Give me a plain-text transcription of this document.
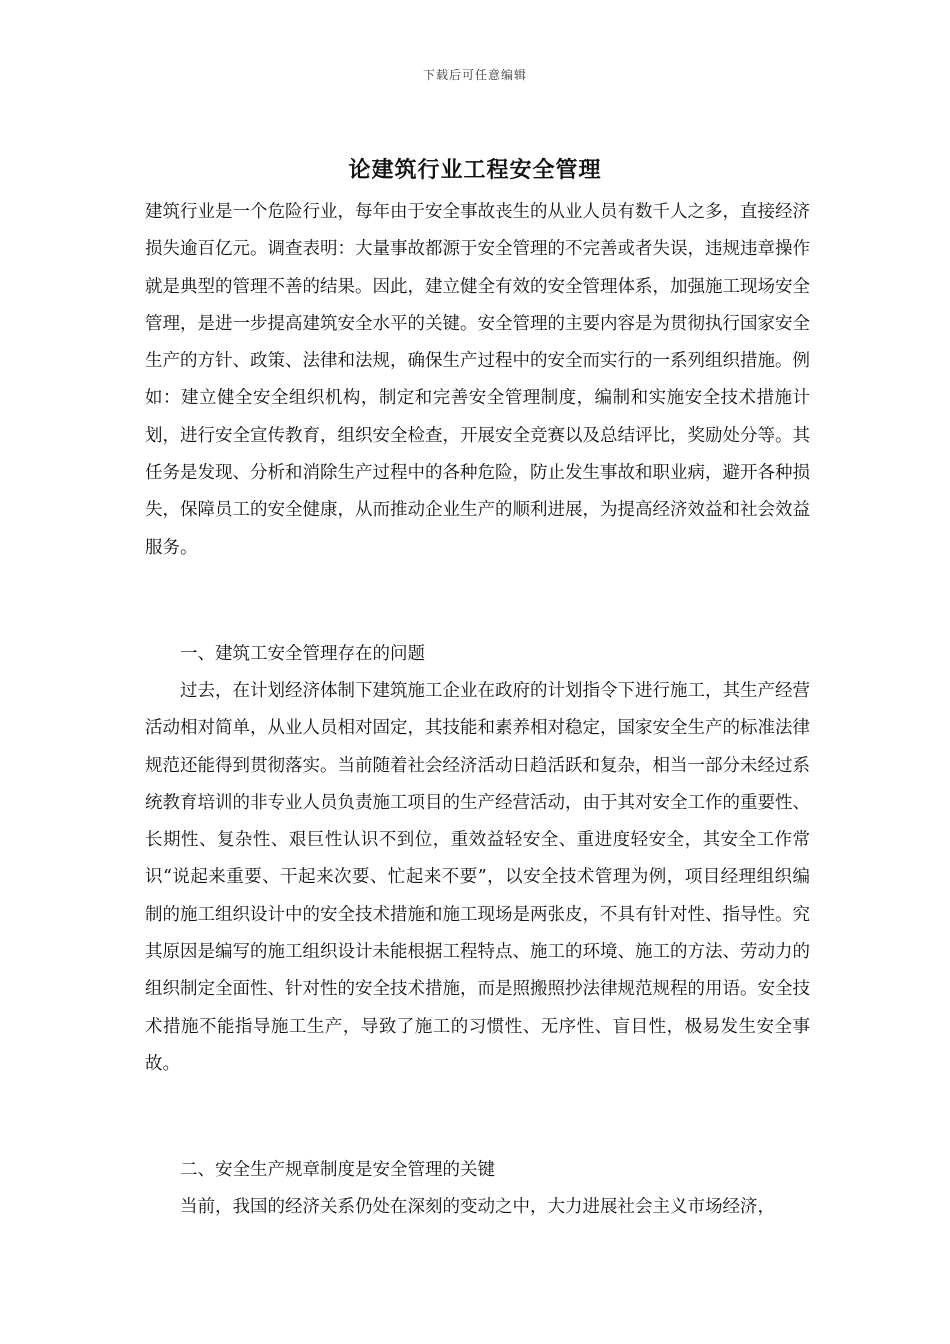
下载后可任意编辑
论建筑行业工程安全管理

建筑行业是一个危险行业，每年由于安全事故丧生的从业人员有数千人之多，直接经济损失逾百亿元。调查表明：大量事故都源于安全管理的不完善或者失误，违规违章操作就是典型的管理不善的结果。因此，建立健全有效的安全管理体系，加强施工现场安全管理，是进一步提高建筑安全水平的关键。安全管理的主要内容是为贯彻执行国家安全生产的方针、政策、法律和法规，确保生产过程中的安全而实行的一系列组织措施。例如：建立健全安全组织机构，制定和完善安全管理制度，编制和实施安全技术措施计划，进行安全宣传教育，组织安全检查，开展安全竞赛以及总结评比，奖励处分等。其任务是发现、分析和消除生产过程中的各种危险，防止发生事故和职业病，避开各种损失，保障员工的安全健康，从而推动企业生产的顺利进展，为提高经济效益和社会效益服务。

一、建筑工安全管理存在的问题

过去，在计划经济体制下建筑施工企业在政府的计划指令下进行施工，其生产经营活动相对简单，从业人员相对固定，其技能和素养相对稳定，国家安全生产的标准法律规范还能得到贯彻落实。当前随着社会经济活动日趋活跃和复杂，相当一部分未经过系统教育培训的非专业人员负责施工项目的生产经营活动，由于其对安全工作的重要性、长期性、复杂性、艰巨性认识不到位，重效益轻安全、重进度轻安全，其安全工作常识“说起来重要、干起来次要、忙起来不要”，以安全技术管理为例，项目经理组织编制的施工组织设计中的安全技术措施和施工现场是两张皮，不具有针对性、指导性。究其原因是编写的施工组织设计未能根据工程特点、施工的环境、施工的方法、劳动力的组织制定全面性、针对性的安全技术措施，而是照搬照抄法律规范规程的用语。安全技术措施不能指导施工生产，导致了施工的习惯性、无序性、盲目性，极易发生安全事故。

二、安全生产规章制度是安全管理的关键

当前，我国的经济关系仍处在深刻的变动之中，大力进展社会主义市场经济，
